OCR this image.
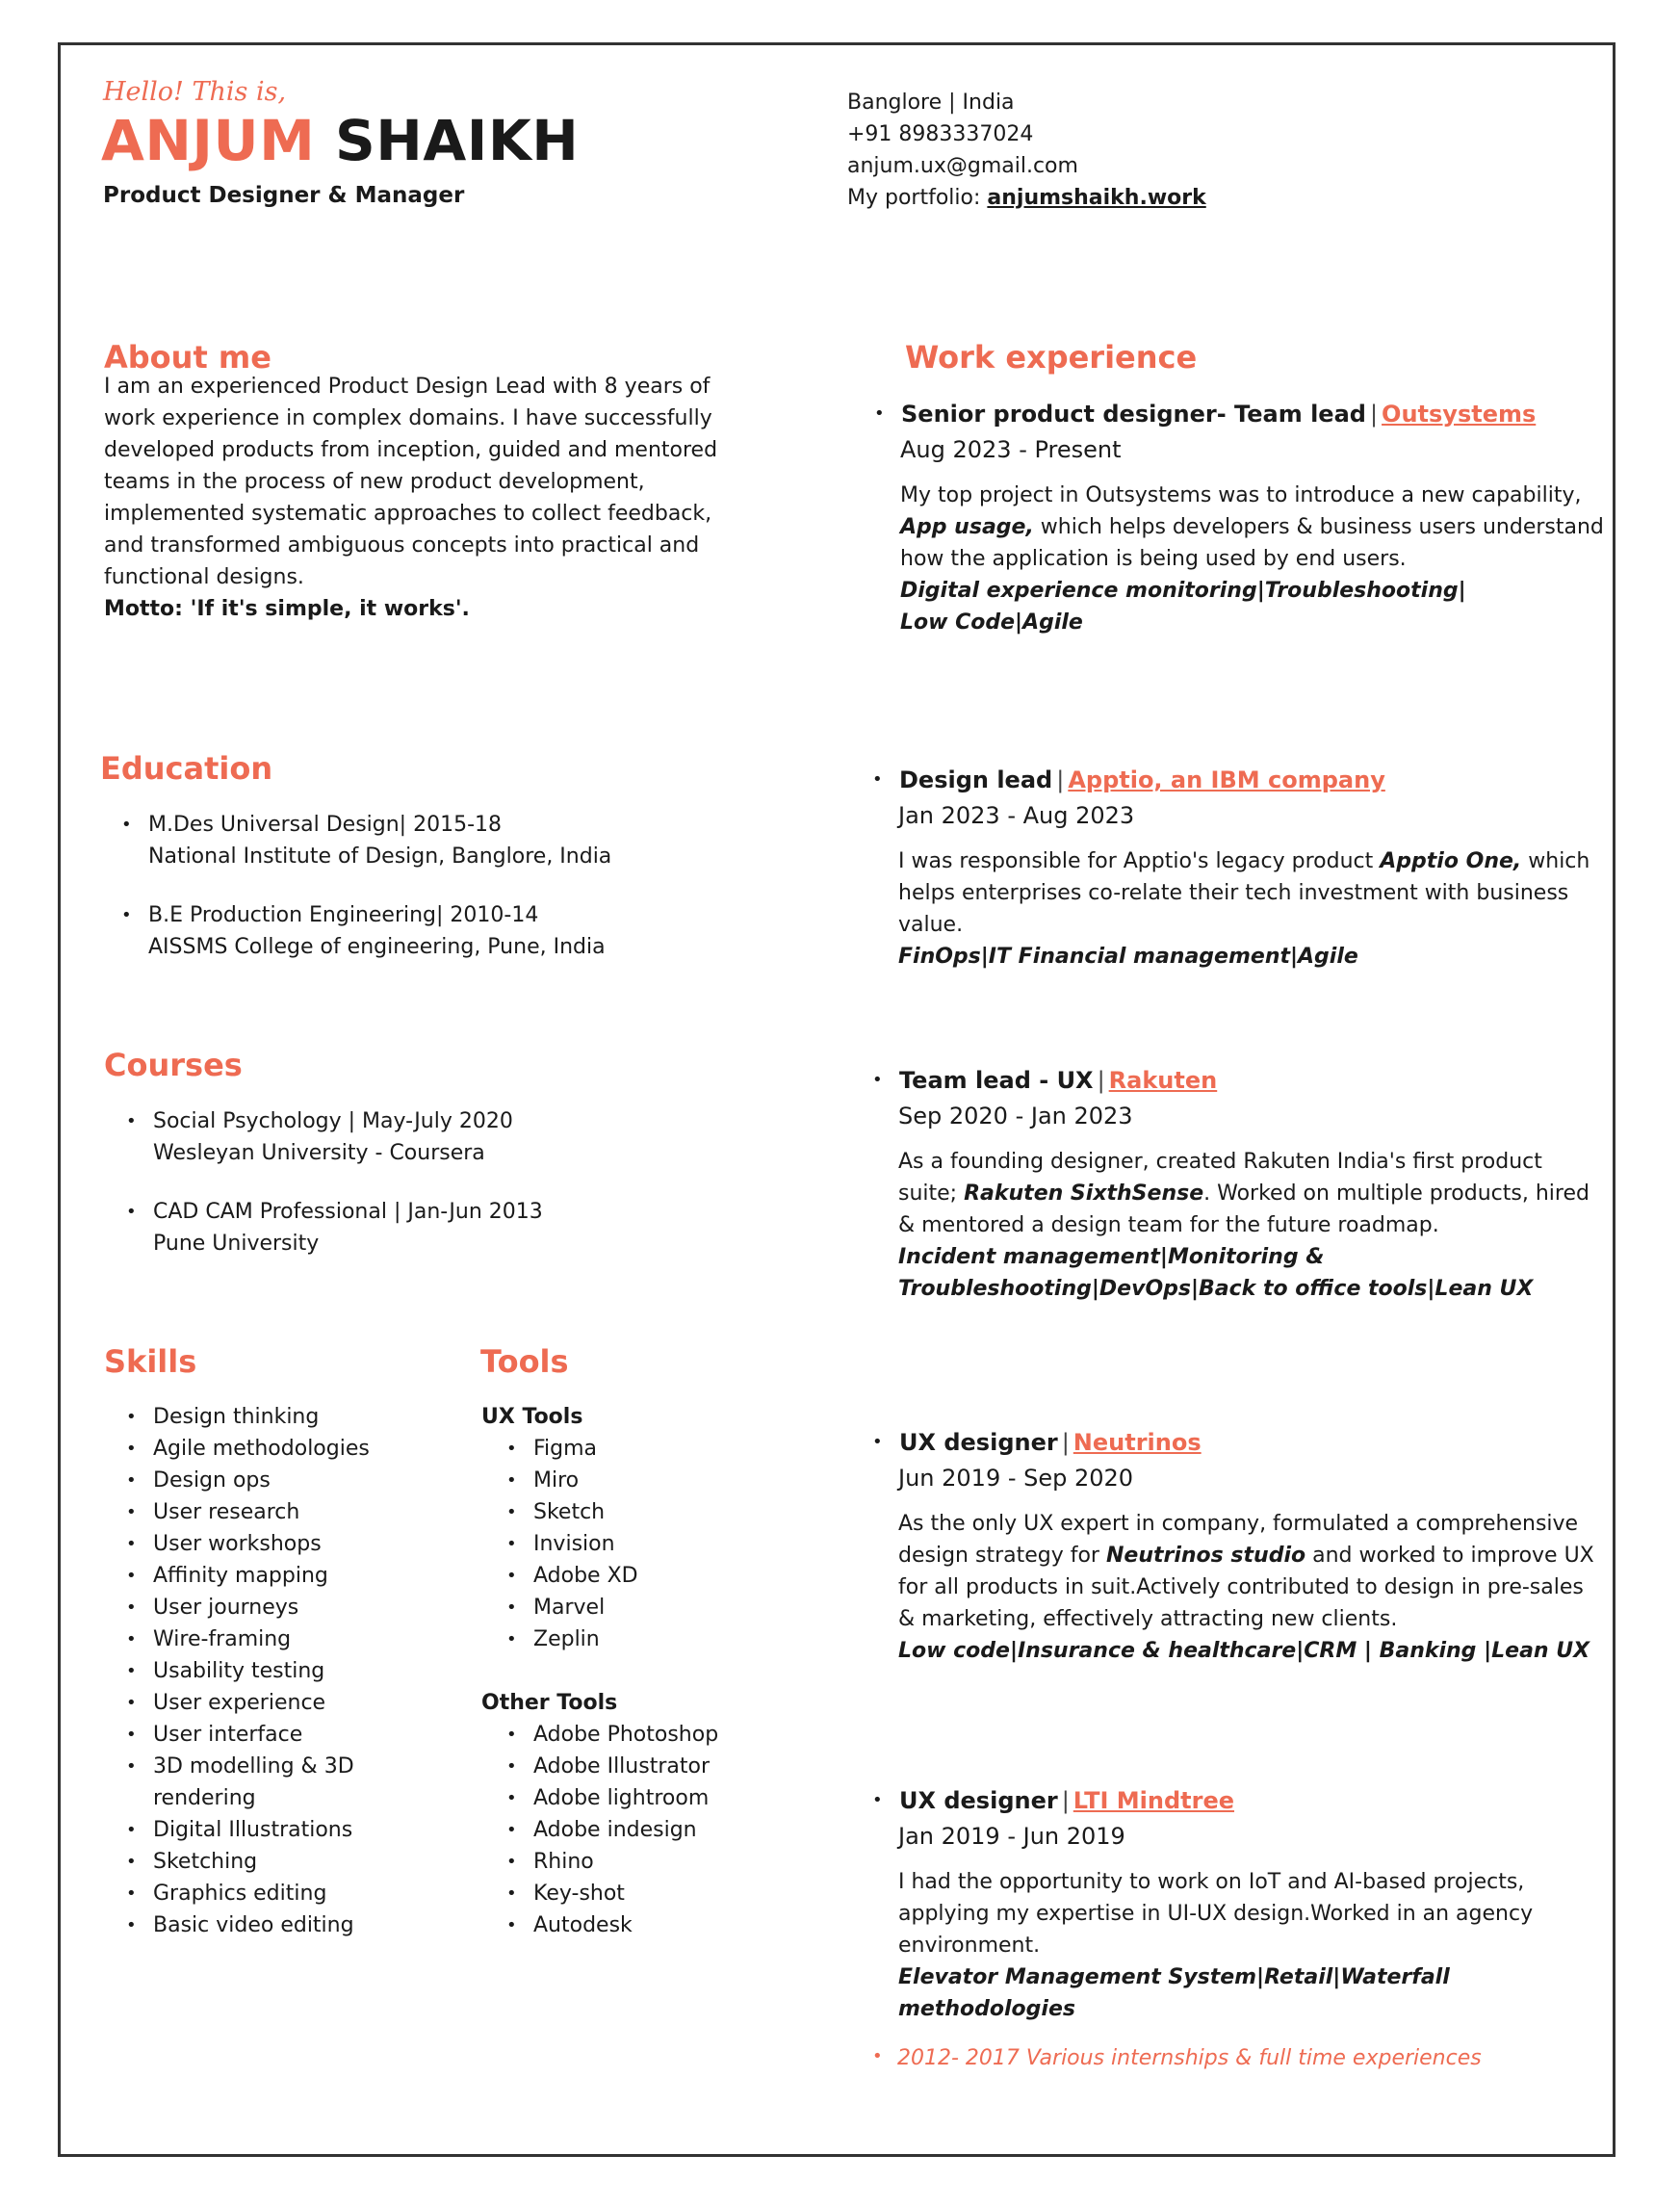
Hello! This is,
ANJUM SHAIKH
Product Designer & Manager
Banglore | India
+91 8983337024
anjum.ux@gmail.com
My portfolio: anjumshaikh.work
About me
I am an experienced Product Design Lead with 8 years of work experience in complex domains. I have successfully developed products from inception, guided and mentored teams in the process of new product development, implemented systematic approaches to collect feedback, and transformed ambiguous concepts into practical and functional designs.
Motto: 'If it's simple, it works'.
Education
• M.Des Universal Design| 2015-18
National Institute of Design, Banglore, India
• B.E Production Engineering| 2010-14
AISSMS College of engineering, Pune, India
Courses
• Social Psychology | May-July 2020
Wesleyan University - Coursera
• CAD CAM Professional | Jan-Jun 2013
Pune University
Skills
• Design thinking
• Agile methodologies
• Design ops
• User research
• User workshops
• Affinity mapping
• User journeys
• Wire-framing
• Usability testing
• User experience
• User interface
• 3D modelling & 3D rendering
• Digital Illustrations
• Sketching
• Graphics editing
• Basic video editing
Tools
UX Tools
• Figma
• Miro
• Sketch
• Invision
• Adobe XD
• Marvel
• Zeplin
Other Tools
• Adobe Photoshop
• Adobe Illustrator
• Adobe lightroom
• Adobe indesign
• Rhino
• Key-shot
• Autodesk
Work experience
• Senior product designer- Team lead | Outsystems
Aug 2023 - Present
My top project in Outsystems was to introduce a new capability, App usage, which helps developers & business users understand how the application is being used by end users.
Digital experience monitoring|Troubleshooting|
Low Code|Agile
• Design lead | Apptio, an IBM company
Jan 2023 - Aug 2023
I was responsible for Apptio's legacy product Apptio One, which helps enterprises co-relate their tech investment with business value.
FinOps|IT Financial management|Agile
• Team lead - UX | Rakuten
Sep 2020 - Jan 2023
As a founding designer, created Rakuten India's first product suite; Rakuten SixthSense. Worked on multiple products, hired & mentored a design team for the future roadmap.
Incident management|Monitoring &
Troubleshooting|DevOps|Back to office tools|Lean UX
• UX designer | Neutrinos
Jun 2019 - Sep 2020
As the only UX expert in company, formulated a comprehensive design strategy for Neutrinos studio and worked to improve UX for all products in suit.Actively contributed to design in pre-sales & marketing, effectively attracting new clients.
Low code|Insurance & healthcare|CRM | Banking |Lean UX
• UX designer | LTI Mindtree
Jan 2019 - Jun 2019
I had the opportunity to work on IoT and AI-based projects, applying my expertise in UI-UX design.Worked in an agency environment.
Elevator Management System|Retail|Waterfall
methodologies
• 2012- 2017 Various internships & full time experiences
